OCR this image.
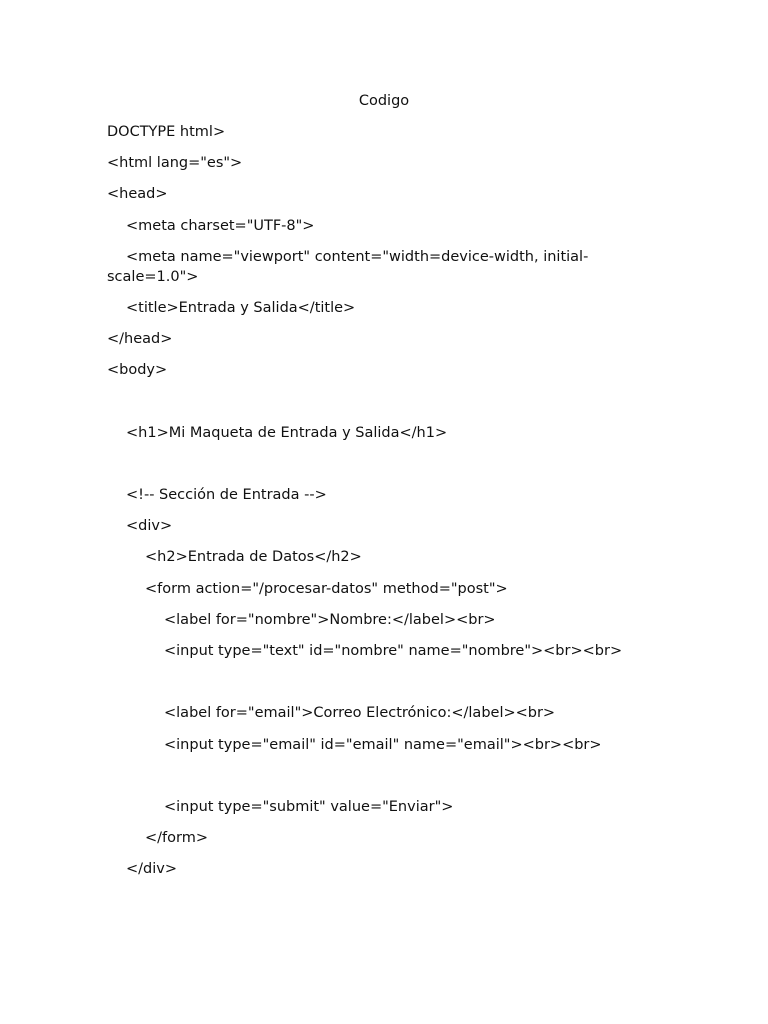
Codigo
DOCTYPE html>
<html lang="es">
<head>
<meta charset="UTF-8">
<meta name="viewport" content="width=device-width, initial-scale=1.0">
<title>Entrada y Salida</title>
</head>
<body>
<h1>Mi Maqueta de Entrada y Salida</h1>
<!-- Sección de Entrada -->
<div>
<h2>Entrada de Datos</h2>
<form action="/procesar-datos" method="post">
<label for="nombre">Nombre:</label><br>
<input type="text" id="nombre" name="nombre"><br><br>
<label for="email">Correo Electrónico:</label><br>
<input type="email" id="email" name="email"><br><br>
<input type="submit" value="Enviar">
</form>
</div>
